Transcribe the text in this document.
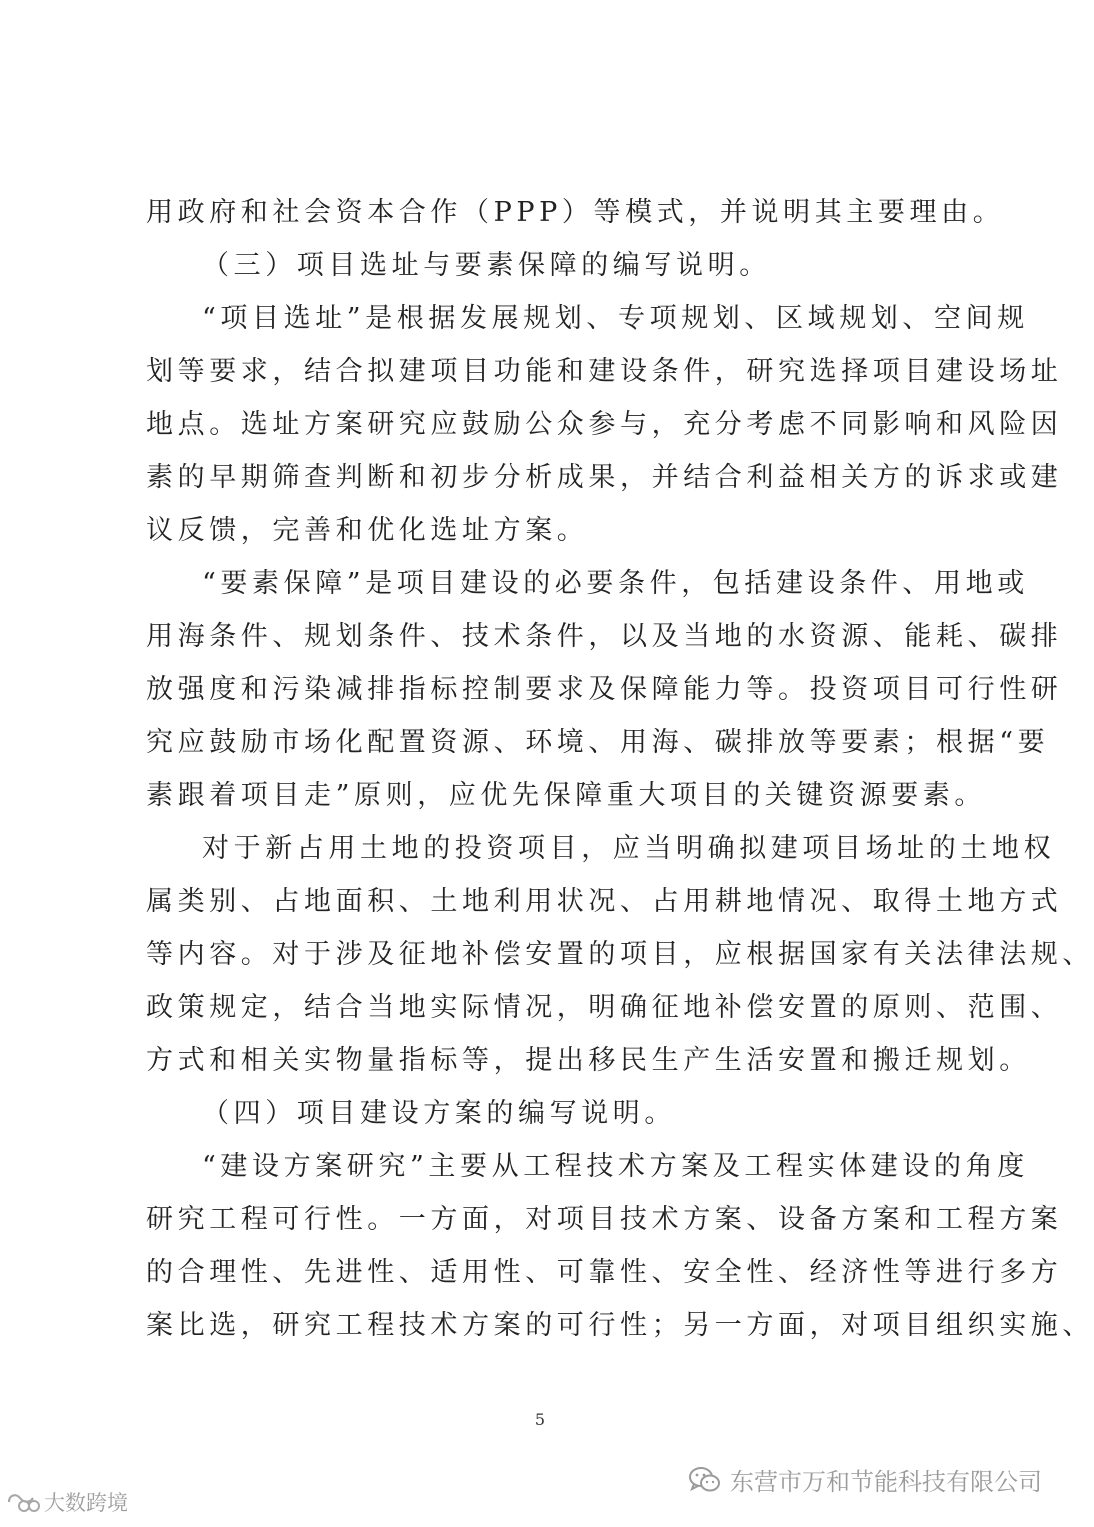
用政府和社会资本合作（PPP）等模式，并说明其主要理由。
（三）项目选址与要素保障的编写说明。
“项目选址”是根据发展规划、专项规划、区域规划、空间规
划等要求，结合拟建项目功能和建设条件，研究选择项目建设场址
地点。选址方案研究应鼓励公众参与，充分考虑不同影响和风险因
素的早期筛查判断和初步分析成果，并结合利益相关方的诉求或建
议反馈，完善和优化选址方案。
“要素保障”是项目建设的必要条件，包括建设条件、用地或
用海条件、规划条件、技术条件，以及当地的水资源、能耗、碳排
放强度和污染减排指标控制要求及保障能力等。投资项目可行性研
究应鼓励市场化配置资源、环境、用海、碳排放等要素；根据“要
素跟着项目走”原则，应优先保障重大项目的关键资源要素。
对于新占用土地的投资项目，应当明确拟建项目场址的土地权
属类别、占地面积、土地利用状况、占用耕地情况、取得土地方式
等内容。对于涉及征地补偿安置的项目，应根据国家有关法律法规、
政策规定，结合当地实际情况，明确征地补偿安置的原则、范围、
方式和相关实物量指标等，提出移民生产生活安置和搬迁规划。
（四）项目建设方案的编写说明。
“建设方案研究”主要从工程技术方案及工程实体建设的角度
研究工程可行性。一方面，对项目技术方案、设备方案和工程方案
的合理性、先进性、适用性、可靠性、安全性、经济性等进行多方
案比选，研究工程技术方案的可行性；另一方面，对项目组织实施、
5
大数跨境
东营市万和节能科技有限公司
